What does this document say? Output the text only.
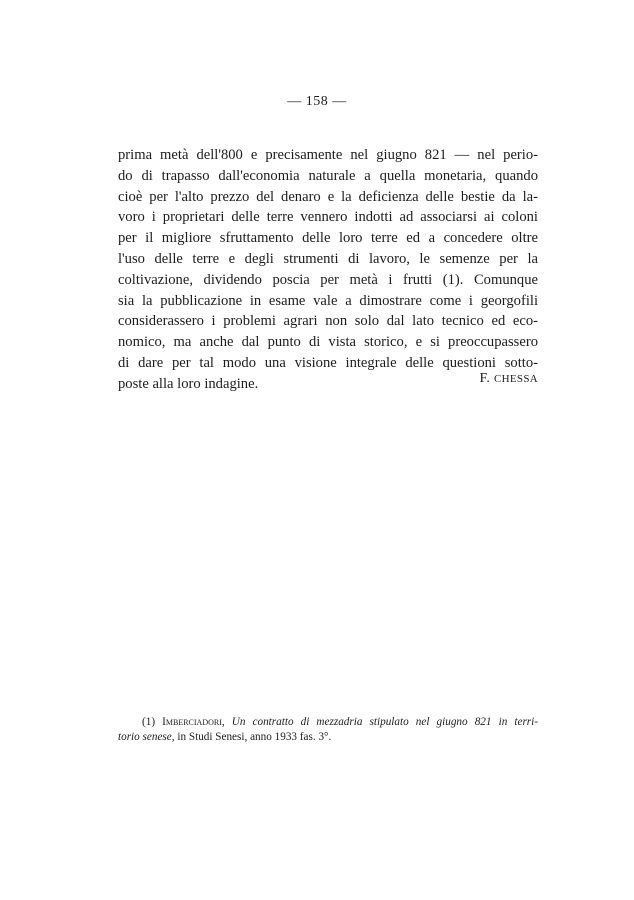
— 158 —
prima metà dell'800 e precisamente nel giugno 821 — nel perio-
do di trapasso dall'economia naturale a quella monetaria, quando
cioè per l'alto prezzo del denaro e la deficienza delle bestie da la-
voro i proprietari delle terre vennero indotti ad associarsi ai coloni
per il migliore sfruttamento delle loro terre ed a concedere oltre
l'uso delle terre e degli strumenti di lavoro, le semenze per la
coltivazione, dividendo poscia per metà i frutti (1). Comunque
sia la pubblicazione in esame vale a dimostrare come i georgofili
considerassero i problemi agrari non solo dal lato tecnico ed eco-
nomico, ma anche dal punto di vista storico, e si preoccupassero
di dare per tal modo una visione integrale delle questioni sotto-
poste alla loro indagine.	F. CHESSA
(1) Imberciadori, Un contratto di mezzadria stipulato nel giugno 821 in terri-
torio senese, in Studi Senesi, anno 1933 fas. 3°.
